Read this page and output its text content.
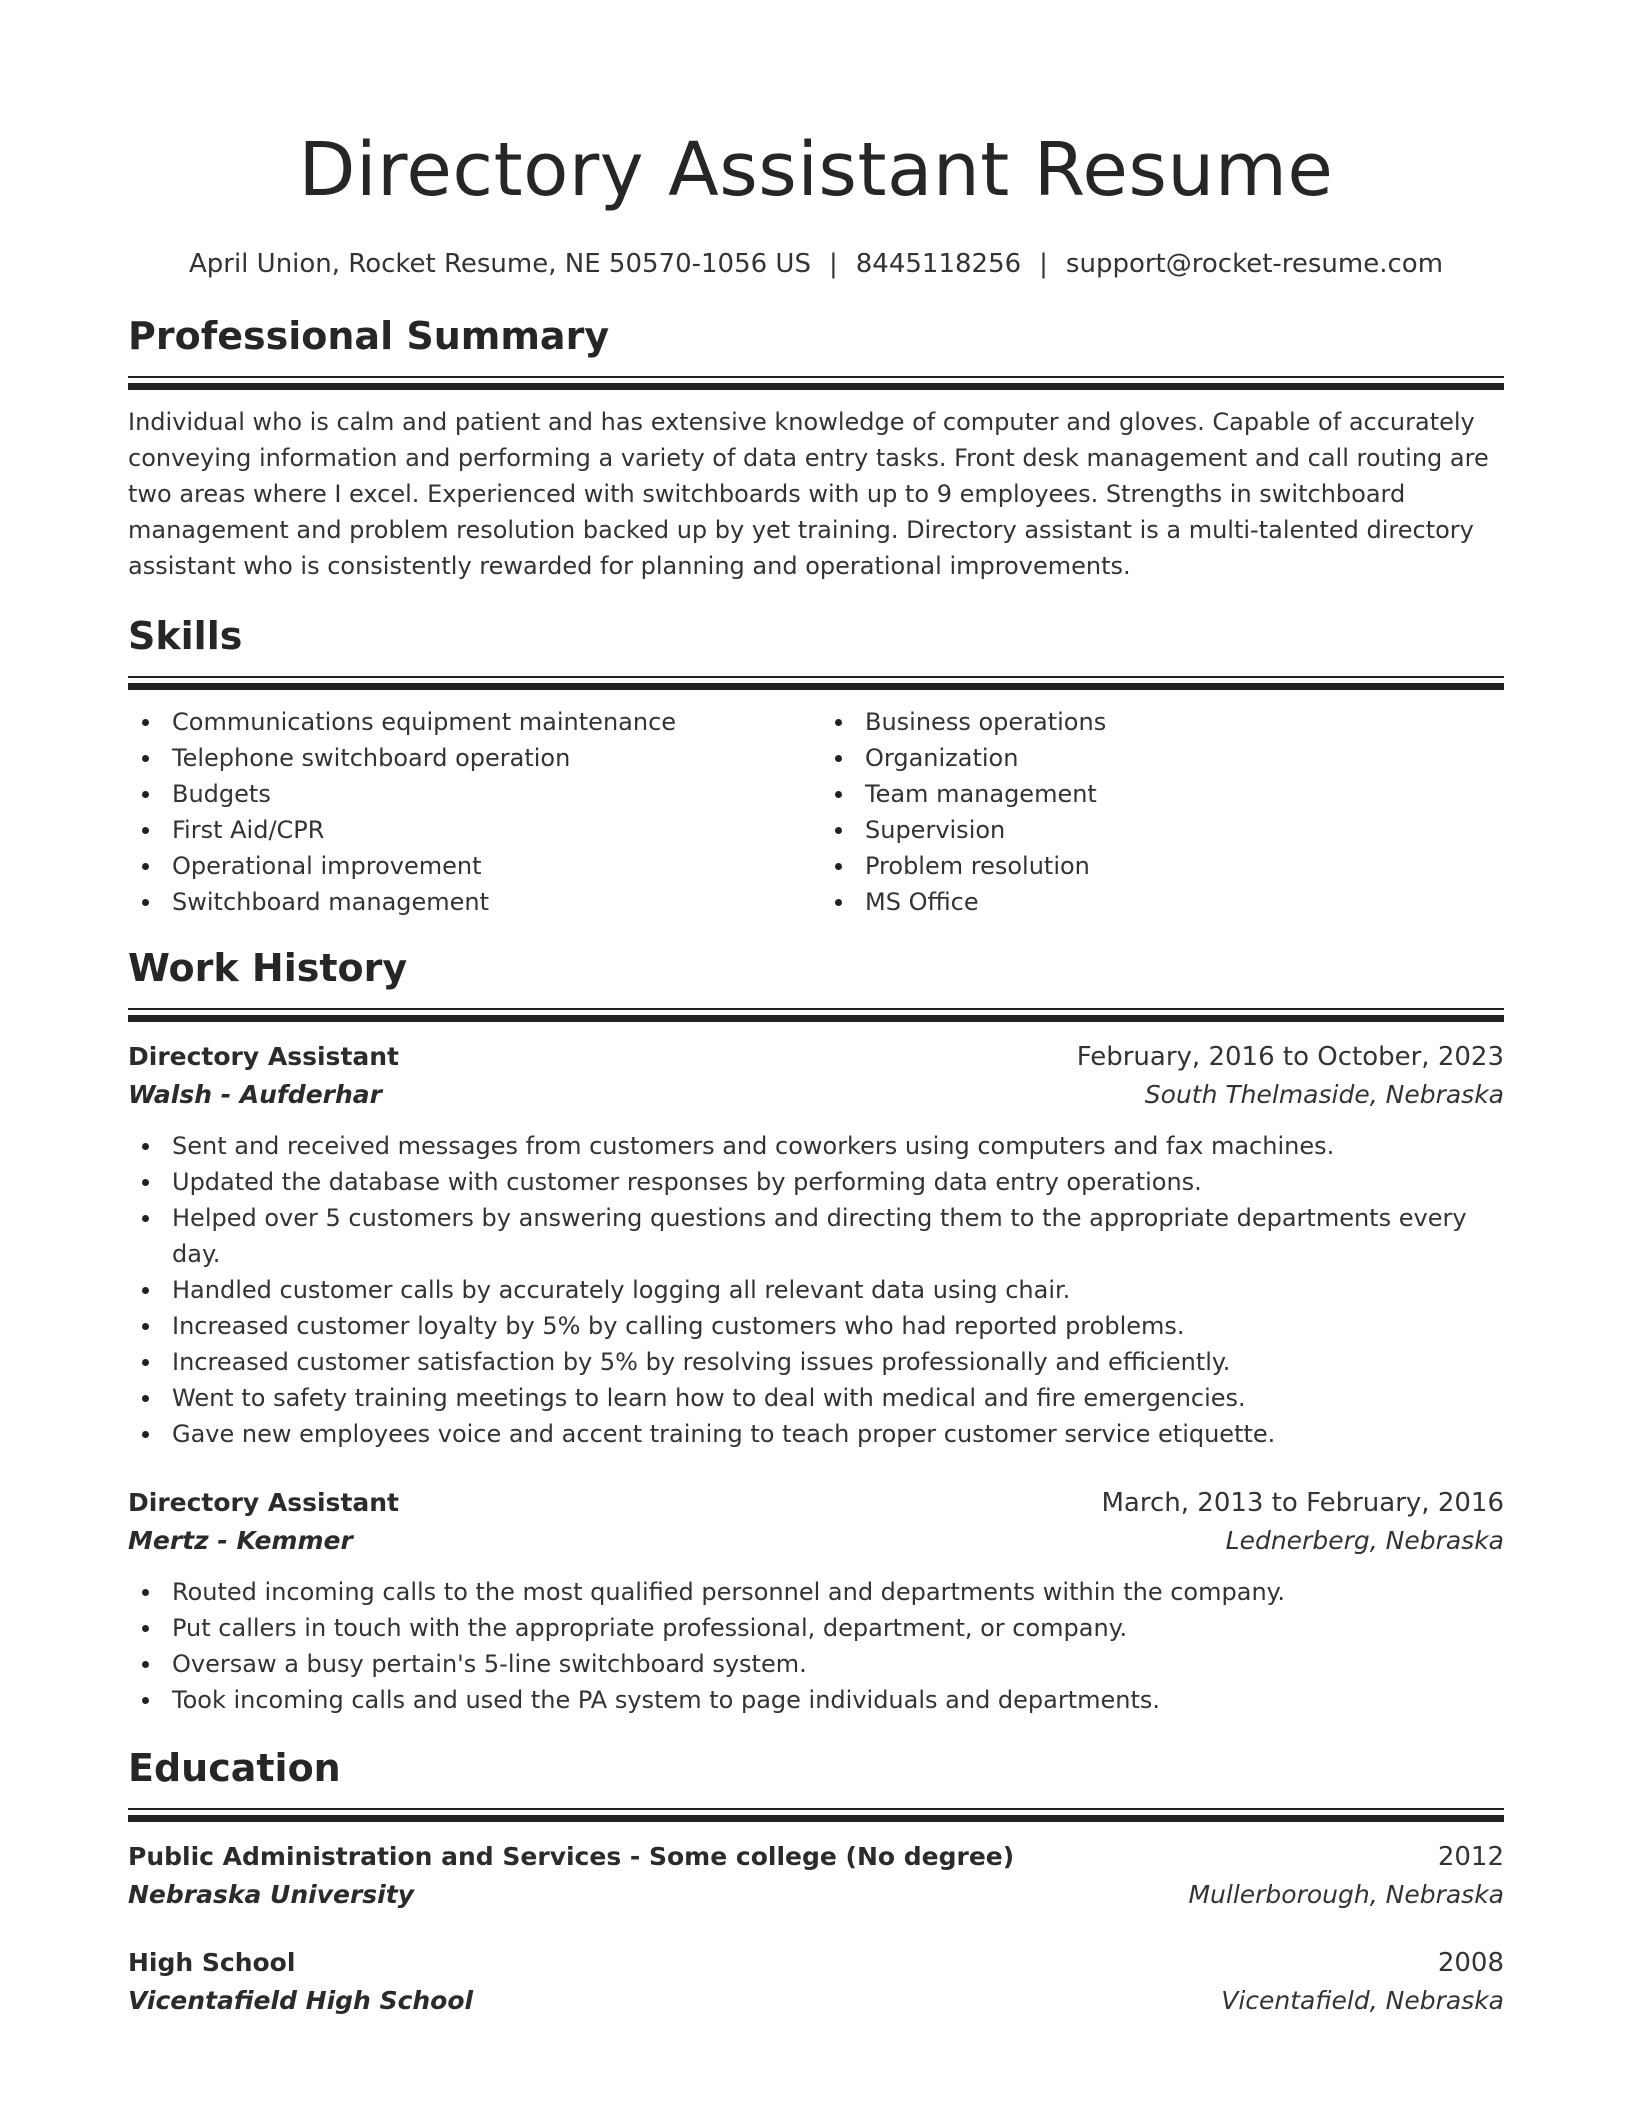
Directory Assistant Resume
April Union, Rocket Resume, NE 50570-1056 US | 8445118256 | support@rocket-resume.com
Professional Summary

Individual who is calm and patient and has extensive knowledge of computer and gloves. Capable of accurately conveying information and performing a variety of data entry tasks. Front desk management and call routing are two areas where I excel. Experienced with switchboards with up to 9 employees. Strengths in switchboard management and problem resolution backed up by yet training. Directory assistant is a multi-talented directory assistant who is consistently rewarded for planning and operational improvements.

Skills
Communications equipment maintenance
Telephone switchboard operation
Budgets
First Aid/CPR
Operational improvement
Switchboard management
Business operations
Organization
Team management
Supervision
Problem resolution
MS Office
Work History
Directory Assistant	February, 2016 to October, 2023
Walsh - Aufderhar	South Thelmaside, Nebraska
Sent and received messages from customers and coworkers using computers and fax machines.
Updated the database with customer responses by performing data entry operations.
Helped over 5 customers by answering questions and directing them to the appropriate departments every day.
Handled customer calls by accurately logging all relevant data using chair.
Increased customer loyalty by 5% by calling customers who had reported problems.
Increased customer satisfaction by 5% by resolving issues professionally and efficiently.
Went to safety training meetings to learn how to deal with medical and fire emergencies.
Gave new employees voice and accent training to teach proper customer service etiquette.
Directory Assistant	March, 2013 to February, 2016
Mertz - Kemmer	Lednerberg, Nebraska
Routed incoming calls to the most qualified personnel and departments within the company.
Put callers in touch with the appropriate professional, department, or company.
Oversaw a busy pertain's 5-line switchboard system.
Took incoming calls and used the PA system to page individuals and departments.
Education
Public Administration and Services - Some college (No degree)	2012
Nebraska University	Mullerborough, Nebraska
High School	2008
Vicentafield High School	Vicentafield, Nebraska
